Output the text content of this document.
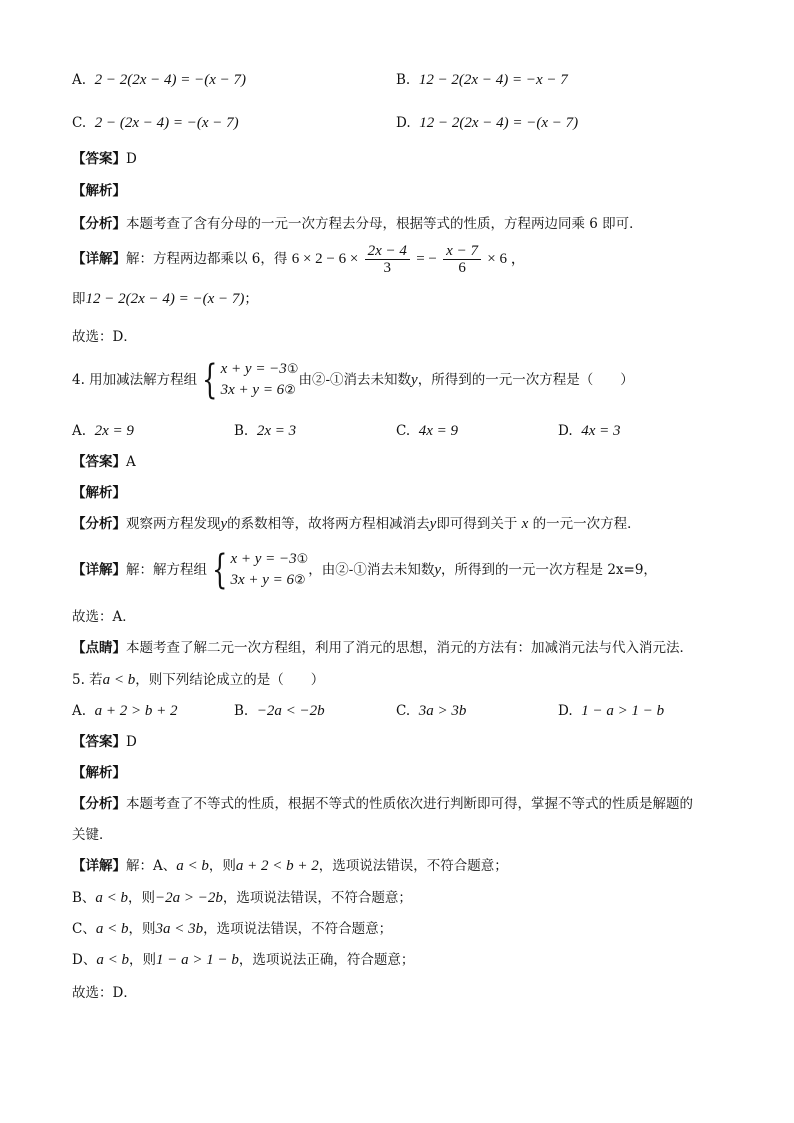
A. 2 − 2(2x − 4) = −(x − 7)	B. 12 − 2(2x − 4) = −x − 7
C. 2 − (2x − 4) = −(x − 7)	D. 12 − 2(2x − 4) = −(x − 7)
【答案】D
【解析】
【分析】本题考查了含有分母的一元一次方程去分母，根据等式的性质，方程两边同乘 6 即可．
【详解】解：方程两边都乘以 6，得 $6 \times 2 - 6 \times \frac{2x - 4}{3}$ = − $\frac{x - 7}{6} \times 6$ ，
即12 − 2(2x − 4) = −(x − 7)；
故选：D．
4. 用加减法解方程组 { x + y = −3①
3x + y = 6②
由②-①消去未知数 y ，所得到的一元一次方程是（　　）
A. 2x = 9	B. 2x = 3	C. 4x = 9	D. 4x = 3
【答案】A
【解析】
【分析】观察两方程发现y的系数相等，故将两方程相减消去y即可得到关于 x 的一元一次方程．
【详解】 解：解方程组 { x + y = −3①
3x + y = 6②
，由②-①消去未知数 y ，所得到的一元一次方程是 2x=9，
故选：A．
【点睛】本题考查了解二元一次方程组，利用了消元的思想，消元的方法有：加减消元法与代入消元法．
5. 若a < b，则下列结论成立的是（　　）
A. a + 2 > b + 2	B. −2a < −2b	C. 3a > 3b	D. 1 − a > 1 − b
【答案】D
【解析】
【分析】本题考查了不等式的性质，根据不等式的性质依次进行判断即可得，掌握不等式的性质是解题的
关键．
【详解】解：A、a < b，则a + 2 < b + 2，选项说法错误，不符合题意；
B、a < b，则−2a > −2b，选项说法错误，不符合题意；
C、a < b，则3a < 3b，选项说法错误，不符合题意；
D、a < b，则1 − a > 1 − b，选项说法正确，符合题意；
故选：D．
